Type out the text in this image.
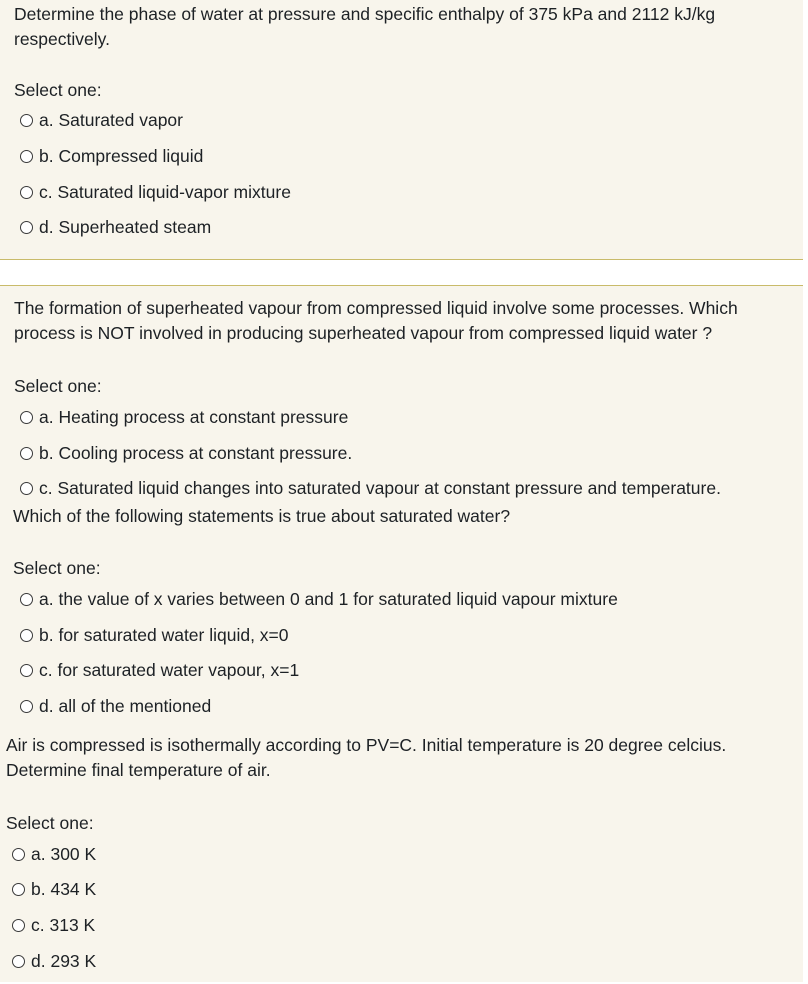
Determine the phase of water at pressure and specific enthalpy of 375 kPa and 2112 kJ/kg
respectively.
Select one:
a. Saturated vapor
b. Compressed liquid
c. Saturated liquid-vapor mixture
d. Superheated steam
The formation of superheated vapour from compressed liquid involve some processes. Which
process is NOT involved in producing superheated vapour from compressed liquid water ?
Select one:
a. Heating process at constant pressure
b. Cooling process at constant pressure.
c. Saturated liquid changes into saturated vapour at constant pressure and temperature.
Which of the following statements is true about saturated water?
Select one:
a. the value of x varies between 0 and 1 for saturated liquid vapour mixture
b. for saturated water liquid, x=0
c. for saturated water vapour, x=1
d. all of the mentioned
Air is compressed is isothermally according to PV=C. Initial temperature is 20 degree celcius.
Determine final temperature of air.
Select one:
a. 300 K
b. 434 K
c. 313 K
d. 293 K
